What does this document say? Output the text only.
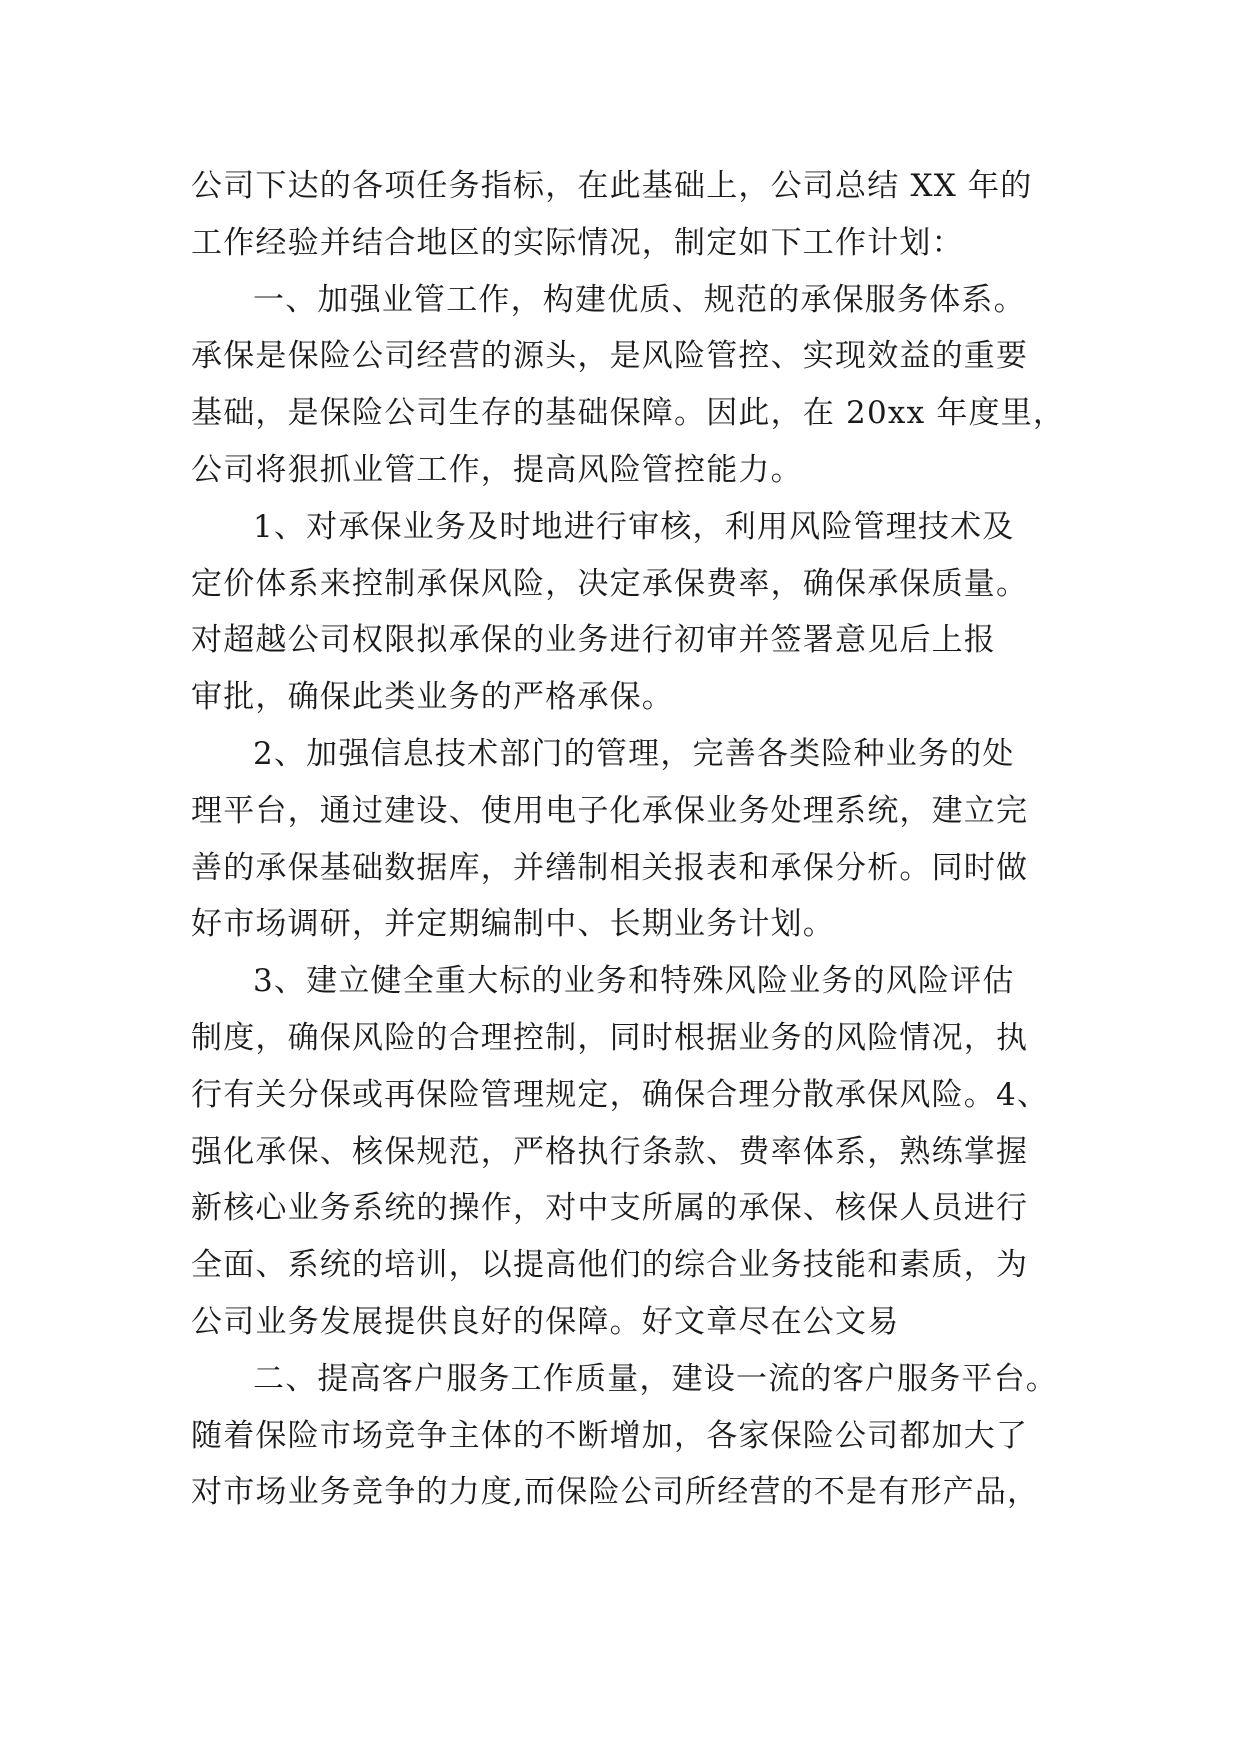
公司下达的各项任务指标，在此基础上，公司总结 XX 年的
工作经验并结合地区的实际情况，制定如下工作计划：
一、加强业管工作，构建优质、规范的承保服务体系。
承保是保险公司经营的源头，是风险管控、实现效益的重要
基础，是保险公司生存的基础保障。因此，在 20xx 年度里，
公司将狠抓业管工作，提高风险管控能力。
1、对承保业务及时地进行审核，利用风险管理技术及
定价体系来控制承保风险，决定承保费率，确保承保质量。
对超越公司权限拟承保的业务进行初审并签署意见后上报
审批，确保此类业务的严格承保。
2、加强信息技术部门的管理，完善各类险种业务的处
理平台，通过建设、使用电子化承保业务处理系统，建立完
善的承保基础数据库，并缮制相关报表和承保分析。同时做
好市场调研，并定期编制中、长期业务计划。
3、建立健全重大标的业务和特殊风险业务的风险评估
制度，确保风险的合理控制，同时根据业务的风险情况，执
行有关分保或再保险管理规定，确保合理分散承保风险。4、
强化承保、核保规范，严格执行条款、费率体系，熟练掌握
新核心业务系统的操作，对中支所属的承保、核保人员进行
全面、系统的培训，以提高他们的综合业务技能和素质，为
公司业务发展提供良好的保障。好文章尽在公文易
二、提高客户服务工作质量，建设一流的客户服务平台。
随着保险市场竞争主体的不断增加，各家保险公司都加大了
对市场业务竞争的力度,而保险公司所经营的不是有形产品，
